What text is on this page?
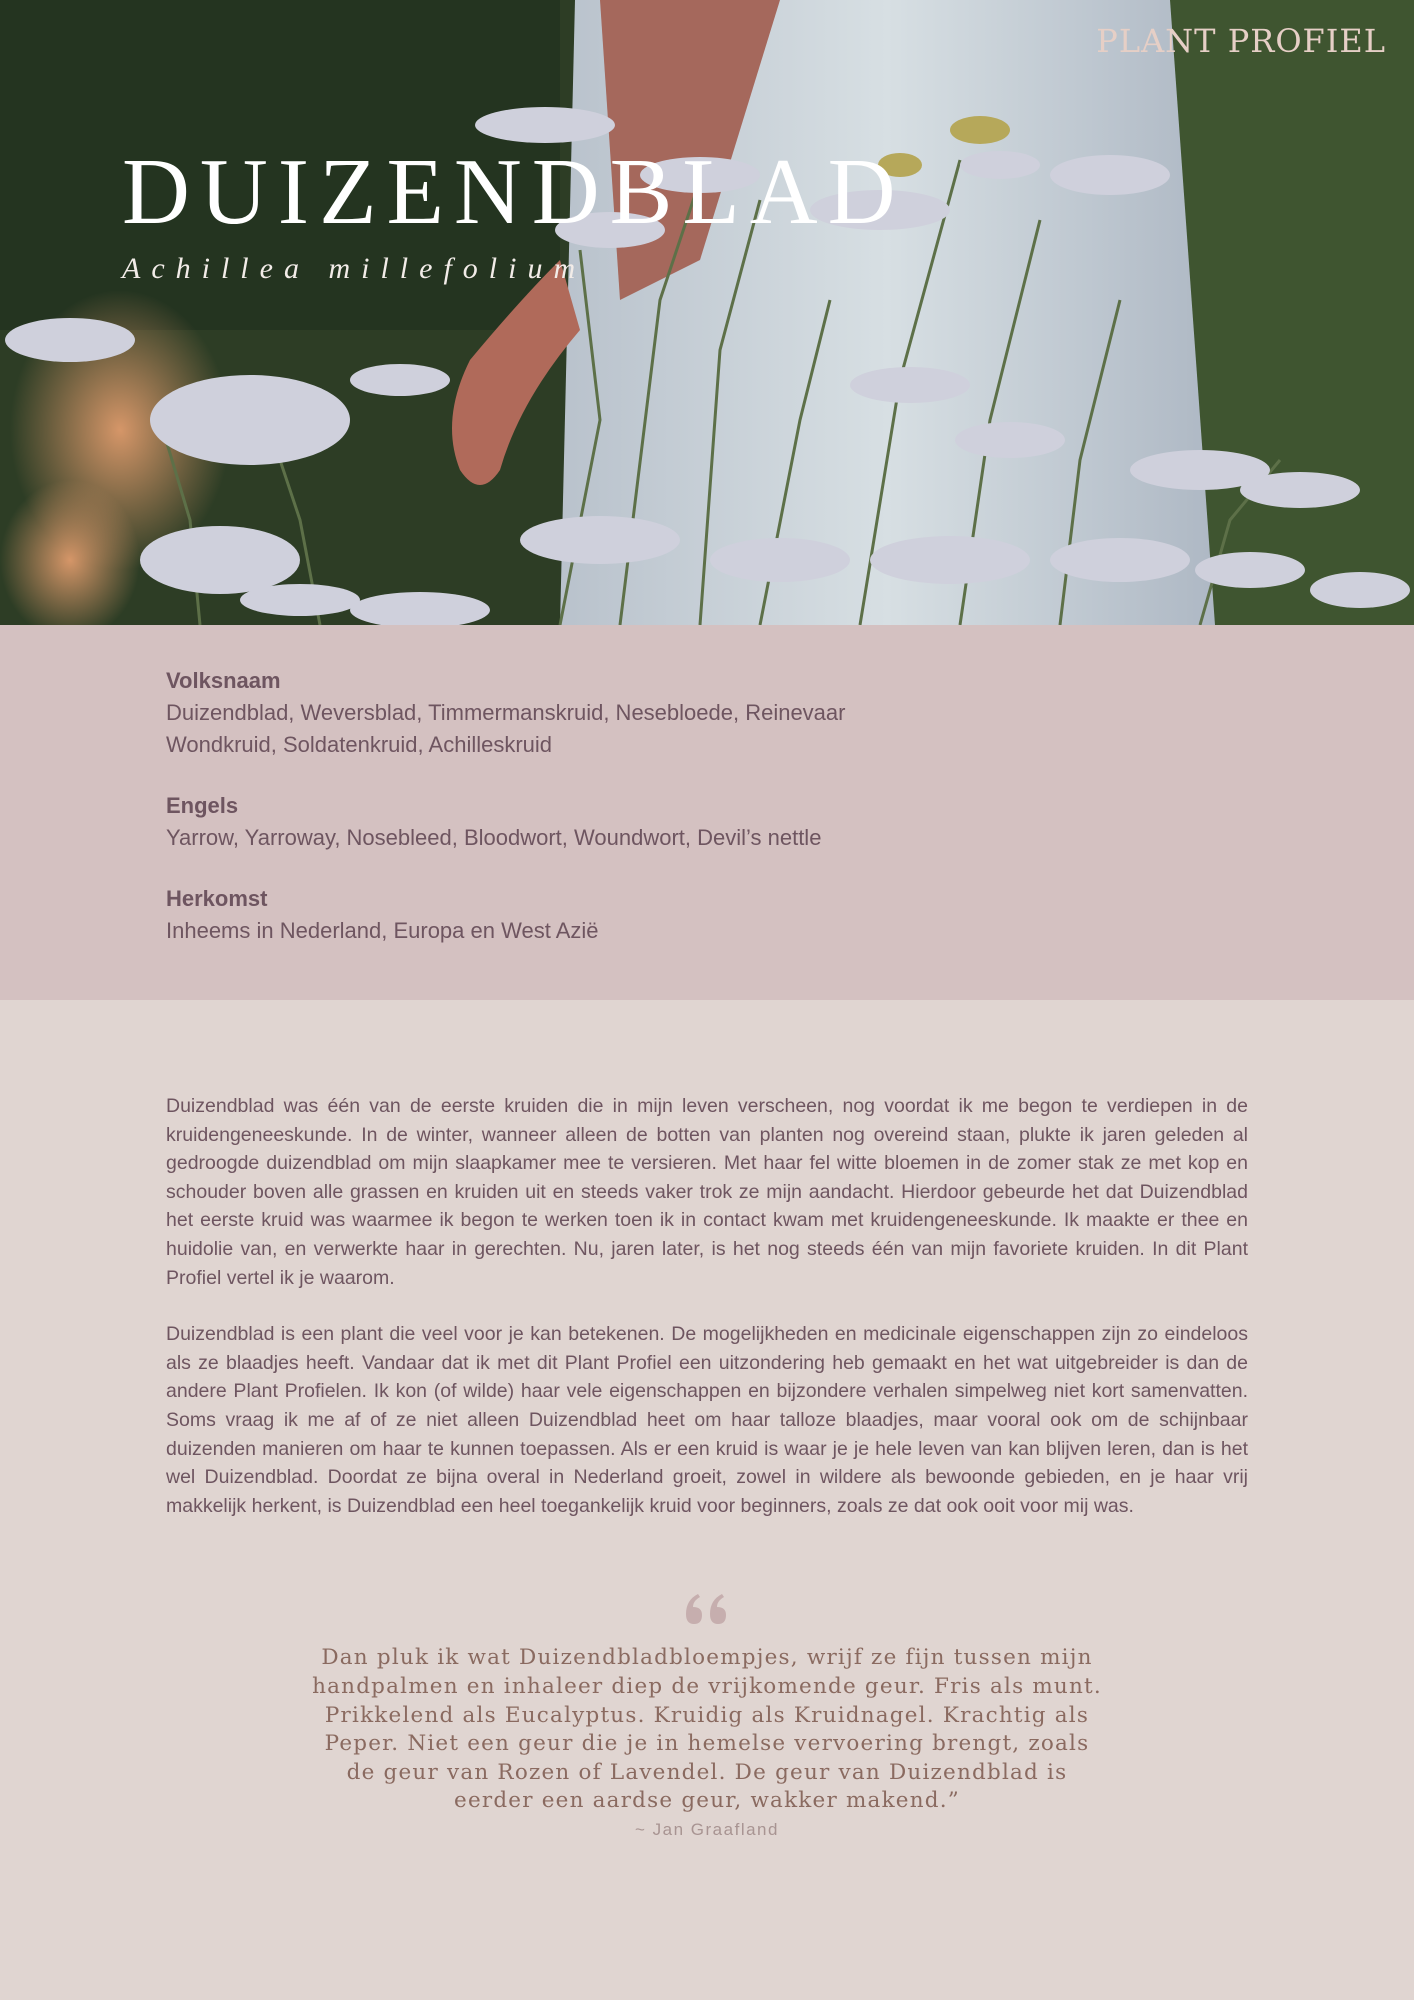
PLANT PROFIEL
DUIZENDBLAD
Achillea millefolium
Volksnaam
Duizendblad, Weversblad, Timmermanskruid, Nesebloede, Reinevaar
Wondkruid, Soldatenkruid, Achilleskruid
Engels
Yarrow, Yarroway, Nosebleed, Bloodwort, Woundwort, Devil’s nettle
Herkomst
Inheems in Nederland, Europa en West Azië

Duizendblad was één van de eerste kruiden die in mijn leven verscheen, nog voordat ik me begon te verdiepen in de kruidengeneeskunde. In de winter, wanneer alleen de botten van planten nog overeind staan, plukte ik jaren geleden al gedroogde duizendblad om mijn slaapkamer mee te versieren. Met haar fel witte bloemen in de zomer stak ze met kop en schouder boven alle grassen en kruiden uit en steeds vaker trok ze mijn aandacht. Hierdoor gebeurde het dat Duizendblad het eerste kruid was waarmee ik begon te werken toen ik in contact kwam met kruidengeneeskunde. Ik maakte er thee en huidolie van, en verwerkte haar in gerechten. Nu, jaren later, is het nog steeds één van mijn favoriete kruiden. In dit Plant Profiel vertel ik je waarom.

Duizendblad is een plant die veel voor je kan betekenen. De mogelijkheden en medicinale eigenschappen zijn zo eindeloos als ze blaadjes heeft. Vandaar dat ik met dit Plant Profiel een uitzondering heb gemaakt en het wat uitgebreider is dan de andere Plant Profielen. Ik kon (of wilde) haar vele eigenschappen en bijzondere verhalen simpelweg niet kort samenvatten. Soms vraag ik me af of ze niet alleen Duizendblad heet om haar talloze blaadjes, maar vooral ook om de schijnbaar duizenden manieren om haar te kunnen toepassen. Als er een kruid is waar je je hele leven van kan blijven leren, dan is het wel Duizendblad. Doordat ze bijna overal in Nederland groeit, zowel in wildere als bewoonde gebieden, en je haar vrij makkelijk herkent, is Duizendblad een heel toegankelijk kruid voor beginners, zoals ze dat ook ooit voor mij was.

Dan pluk ik wat Duizendbladbloempjes, wrijf ze fijn tussen mijn handpalmen en inhaleer diep de vrijkomende geur. Fris als munt. Prikkelend als Eucalyptus. Kruidig als Kruidnagel. Krachtig als Peper. Niet een geur die je in hemelse vervoering brengt, zoals de geur van Rozen of Lavendel. De geur van Duizendblad is eerder een aardse geur, wakker makend.”
~ Jan Graafland
